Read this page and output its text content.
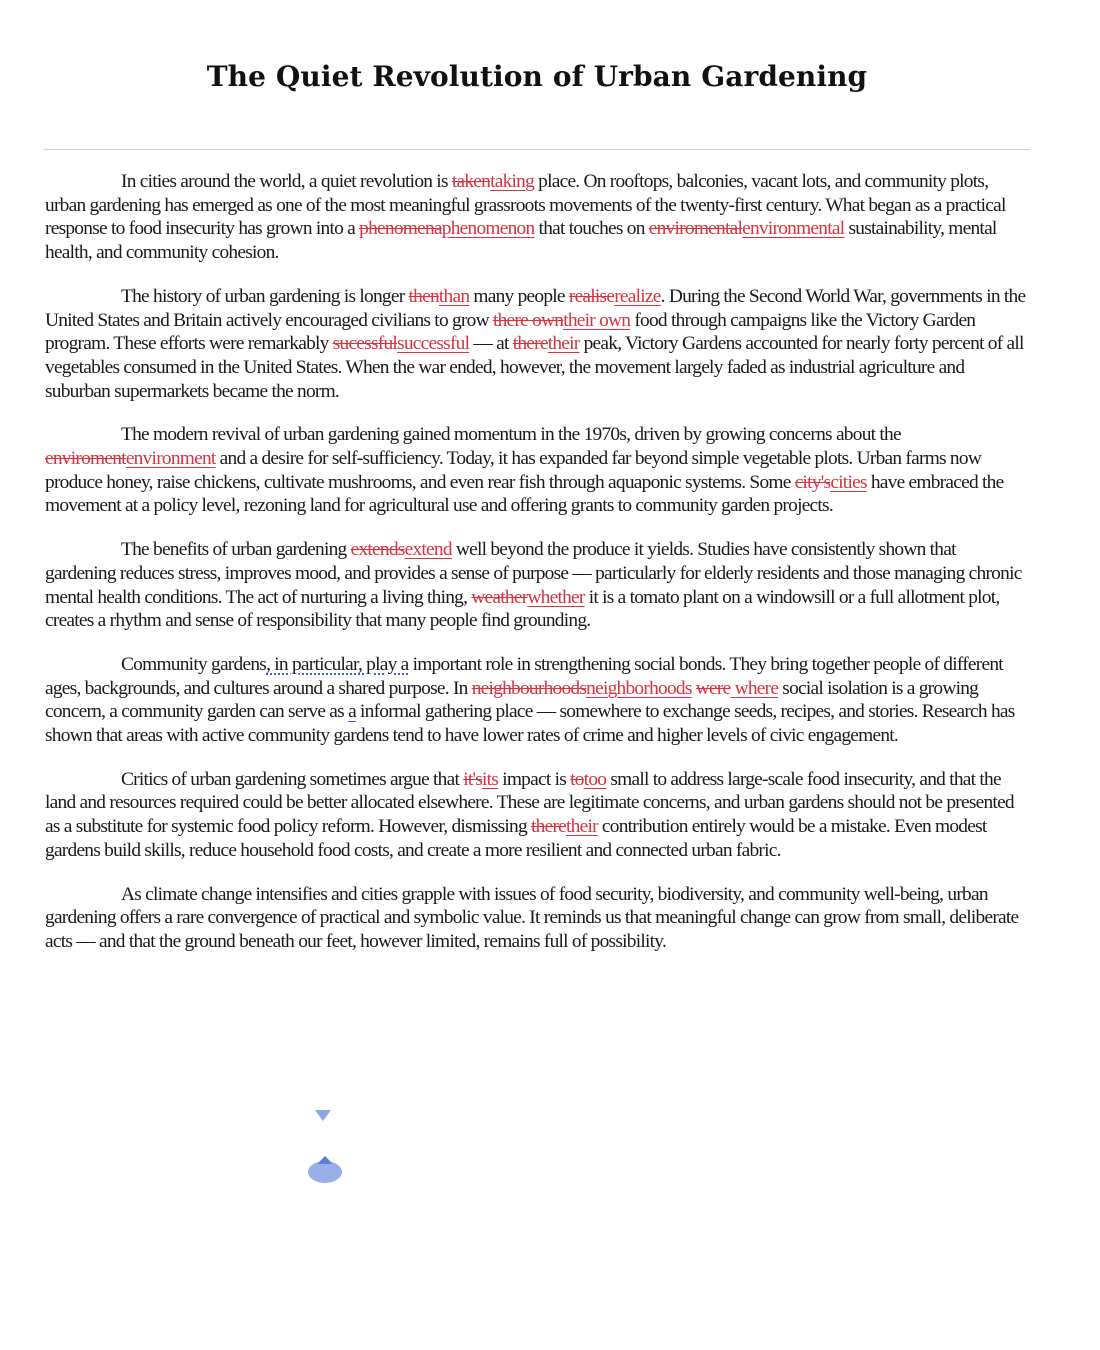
The Quiet Revolution of Urban Gardening

In cities around the world, a quiet revolution is takentaking place. On rooftops, balconies, vacant lots, and community plots, urban gardening has emerged as one of the most meaningful grassroots movements of the twenty-first century. What began as a practical response to food insecurity has grown into a phenomenaphenomenon that touches on enviromentalenvironmental sustainability, mental health, and community cohesion.

The history of urban gardening is longer thenthan many people realiserealize. During the Second World War, governments in the United States and Britain actively encouraged civilians to grow there owntheir own food through campaigns like the Victory Garden program. These efforts were remarkably sucessfulsuccessful — at theretheir peak, Victory Gardens accounted for nearly forty percent of all vegetables consumed in the United States. When the war ended, however, the movement largely faded as industrial agriculture and suburban supermarkets became the norm.

The modern revival of urban gardening gained momentum in the 1970s, driven by growing concerns about the enviromentenvironment and a desire for self-sufficiency. Today, it has expanded far beyond simple vegetable plots. Urban farms now produce honey, raise chickens, cultivate mushrooms, and even rear fish through aquaponic systems. Some city'scities have embraced the movement at a policy level, rezoning land for agricultural use and offering grants to community garden projects.

The benefits of urban gardening extendsextend well beyond the produce it yields. Studies have consistently shown that gardening reduces stress, improves mood, and provides a sense of purpose — particularly for elderly residents and those managing chronic mental health conditions. The act of nurturing a living thing, weatherwhether it is a tomato plant on a windowsill or a full allotment plot, creates a rhythm and sense of responsibility that many people find grounding.

Community gardens, in particular, play a important role in strengthening social bonds. They bring together people of different ages, backgrounds, and cultures around a shared purpose. In neighbourhoodsneighborhoods were where social isolation is a growing concern, a community garden can serve as a informal gathering place — somewhere to exchange seeds, recipes, and stories. Research has shown that areas with active community gardens tend to have lower rates of crime and higher levels of civic engagement.

Critics of urban gardening sometimes argue that it'sits impact is totoo small to address large-scale food insecurity, and that the land and resources required could be better allocated elsewhere. These are legitimate concerns, and urban gardens should not be presented as a substitute for systemic food policy reform. However, dismissing theretheir contribution entirely would be a mistake. Even modest gardens build skills, reduce household food costs, and create a more resilient and connected urban fabric.

As climate change intensifies and cities grapple with issues of food security, biodiversity, and community well-being, urban gardening offers a rare convergence of practical and symbolic value. It reminds us that meaningful change can grow from small, deliberate acts — and that the ground beneath our feet, however limited, remains full of possibility.
